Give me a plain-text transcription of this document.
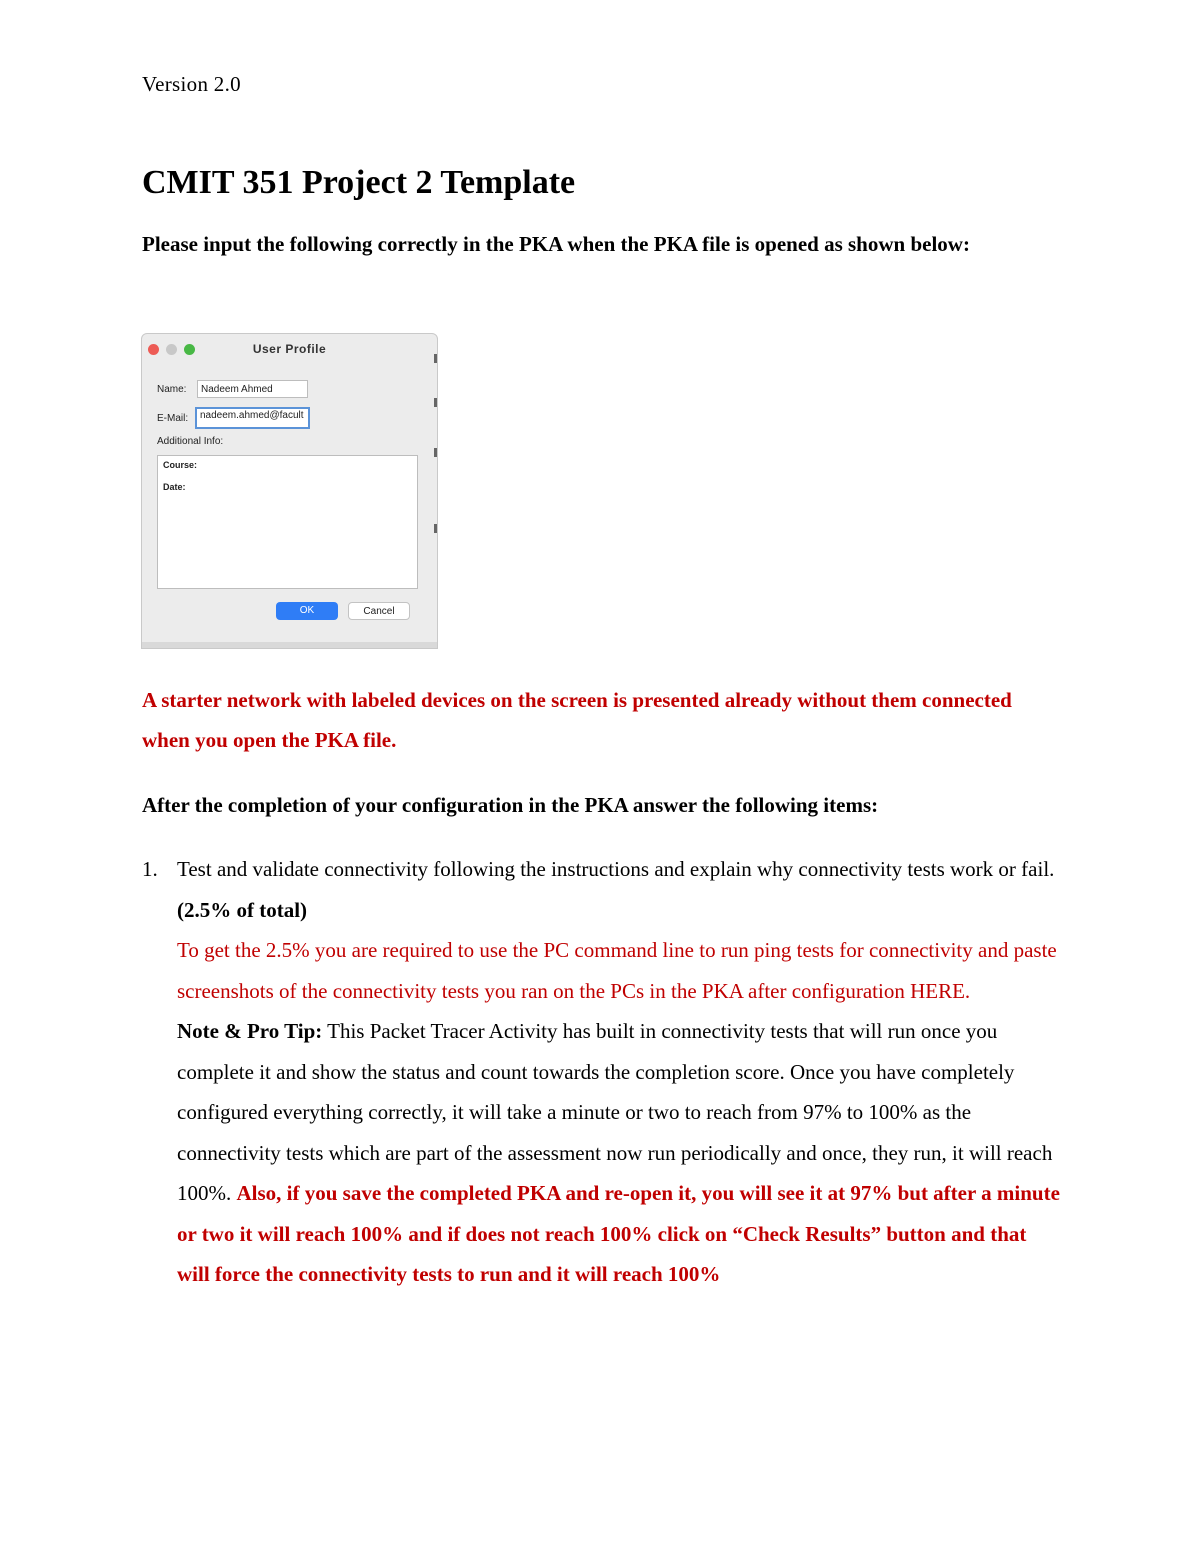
Version 2.0
CMIT 351 Project 2 Template

Please input the following correctly in the PKA when the PKA file is opened as shown below:

User Profile
Name:	Nadeem Ahmed
E-Mail:	nadeem.ahmed@facult
Additional Info:
Course:
Date:
OK	Cancel

A starter network with labeled devices on the screen is presented already without them connected when you open the PKA file.

After the completion of your configuration in the PKA answer the following items:

1. Test and validate connectivity following the instructions and explain why connectivity tests work or fail. (2.5% of total)

To get the 2.5% you are required to use the PC command line to run ping tests for connectivity and paste screenshots of the connectivity tests you ran on the PCs in the PKA after configuration HERE.

Note & Pro Tip: This Packet Tracer Activity has built in connectivity tests that will run once you complete it and show the status and count towards the completion score. Once you have completely configured everything correctly, it will take a minute or two to reach from 97% to 100% as the connectivity tests which are part of the assessment now run periodically and once, they run, it will reach 100%. Also, if you save the completed PKA and re-open it, you will see it at 97% but after a minute or two it will reach 100% and if does not reach 100% click on “Check Results” button and that will force the connectivity tests to run and it will reach 100%
